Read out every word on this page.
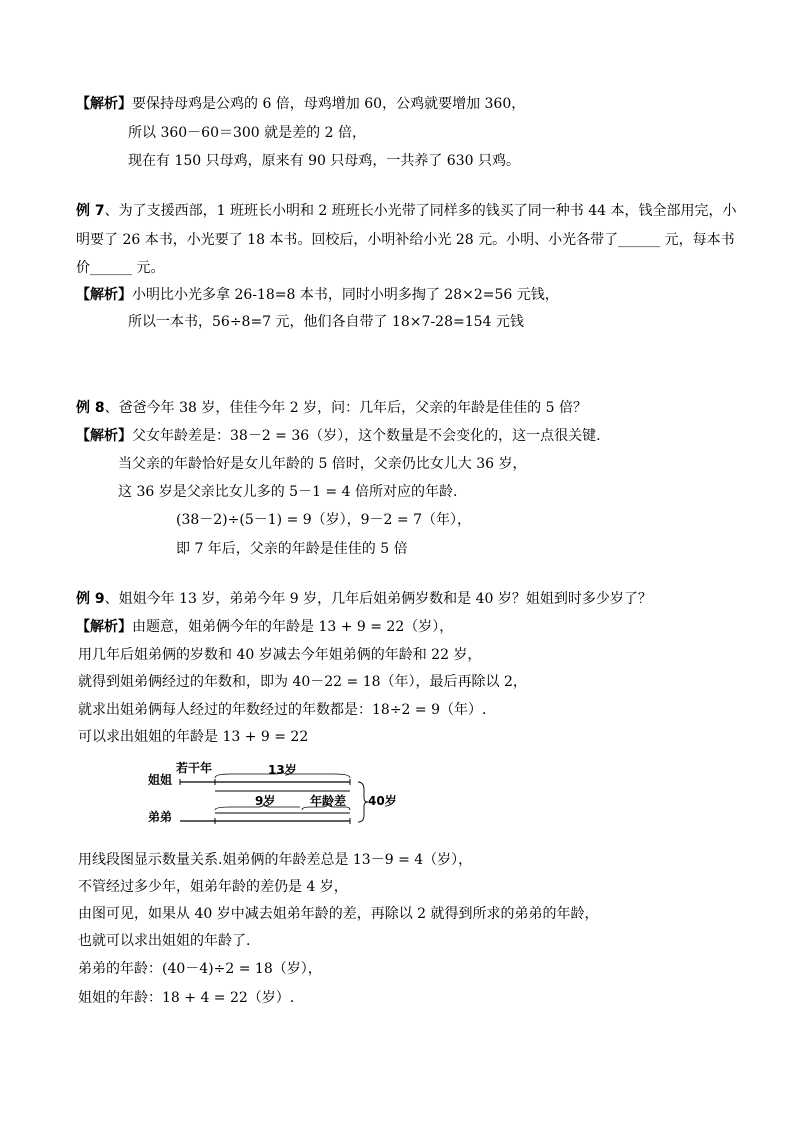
【解析】要保持母鸡是公鸡的 6 倍，母鸡增加 60，公鸡就要增加 360，
所以 360－60＝300 就是差的 2 倍，
现在有 150 只母鸡，原来有 90 只母鸡，一共养了 630 只鸡。
例 7、为了支援西部，1 班班长小明和 2 班班长小光带了同样多的钱买了同一种书 44 本，钱全部用完，小
明要了 26 本书，小光要了 18 本书。回校后，小明补给小光 28 元。小明、小光各带了______ 元，每本书
价______ 元。
【解析】小明比小光多拿 26-18=8 本书，同时小明多掏了 28×2=56 元钱，
所以一本书，56÷8=7 元，他们各自带了 18×7-28=154 元钱
例 8、爸爸今年 38 岁，佳佳今年 2 岁，问：几年后，父亲的年龄是佳佳的 5 倍？
【解析】父女年龄差是：38－2 = 36（岁），这个数量是不会变化的，这一点很关键.
当父亲的年龄恰好是女儿年龄的 5 倍时，父亲仍比女儿大 36 岁，
这 36 岁是父亲比女儿多的 5－1 = 4 倍所对应的年龄.
(38－2)÷(5－1) = 9（岁），9－2 = 7（年），
即 7 年后，父亲的年龄是佳佳的 5 倍
例 9、姐姐今年 13 岁，弟弟今年 9 岁，几年后姐弟俩岁数和是 40 岁？姐姐到时多少岁了？
【解析】由题意，姐弟俩今年的年龄是 13 + 9 = 22（岁），
用几年后姐弟俩的岁数和 40 岁减去今年姐弟俩的年龄和 22 岁，
就得到姐弟俩经过的年数和，即为 40－22 = 18（年），最后再除以 2，
就求出姐弟俩每人经过的年数经过的年数都是：18÷2 = 9（年）.
可以求出姐姐的年龄是 13 + 9 = 22
姐姐
弟弟
若干年	13岁
9岁	年龄差 40岁
用线段图显示数量关系.姐弟俩的年龄差总是 13－9 = 4（岁），
不管经过多少年，姐弟年龄的差仍是 4 岁，
由图可见，如果从 40 岁中减去姐弟年龄的差，再除以 2 就得到所求的弟弟的年龄，
也就可以求出姐姐的年龄了.
弟弟的年龄：(40－4)÷2 = 18（岁），
姐姐的年龄：18 + 4 = 22（岁）.
